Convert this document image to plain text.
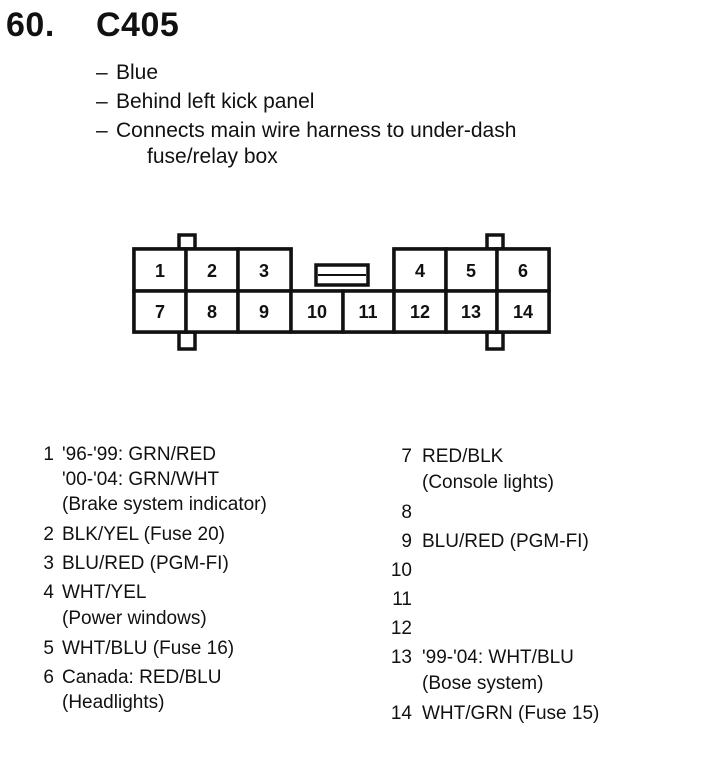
60. C405
– Blue
– Behind left kick panel
– Connects main wire harness to under-dash
fuse/relay box
1 2 3	4 5 6
7 8 9 10 11 12 13 14
1 '96-'99: GRN/RED
'00-'04: GRN/WHT
(Brake system indicator)
2 BLK/YEL (Fuse 20)
3 BLU/RED (PGM-FI)
4 WHT/YEL
(Power windows)
5 WHT/BLU (Fuse 16)
6 Canada: RED/BLU
(Headlights)
7 RED/BLK
(Console lights)
8
9 BLU/RED (PGM-FI)
10
11
12
13 '99-'04: WHT/BLU
(Bose system)
14 WHT/GRN (Fuse 15)
